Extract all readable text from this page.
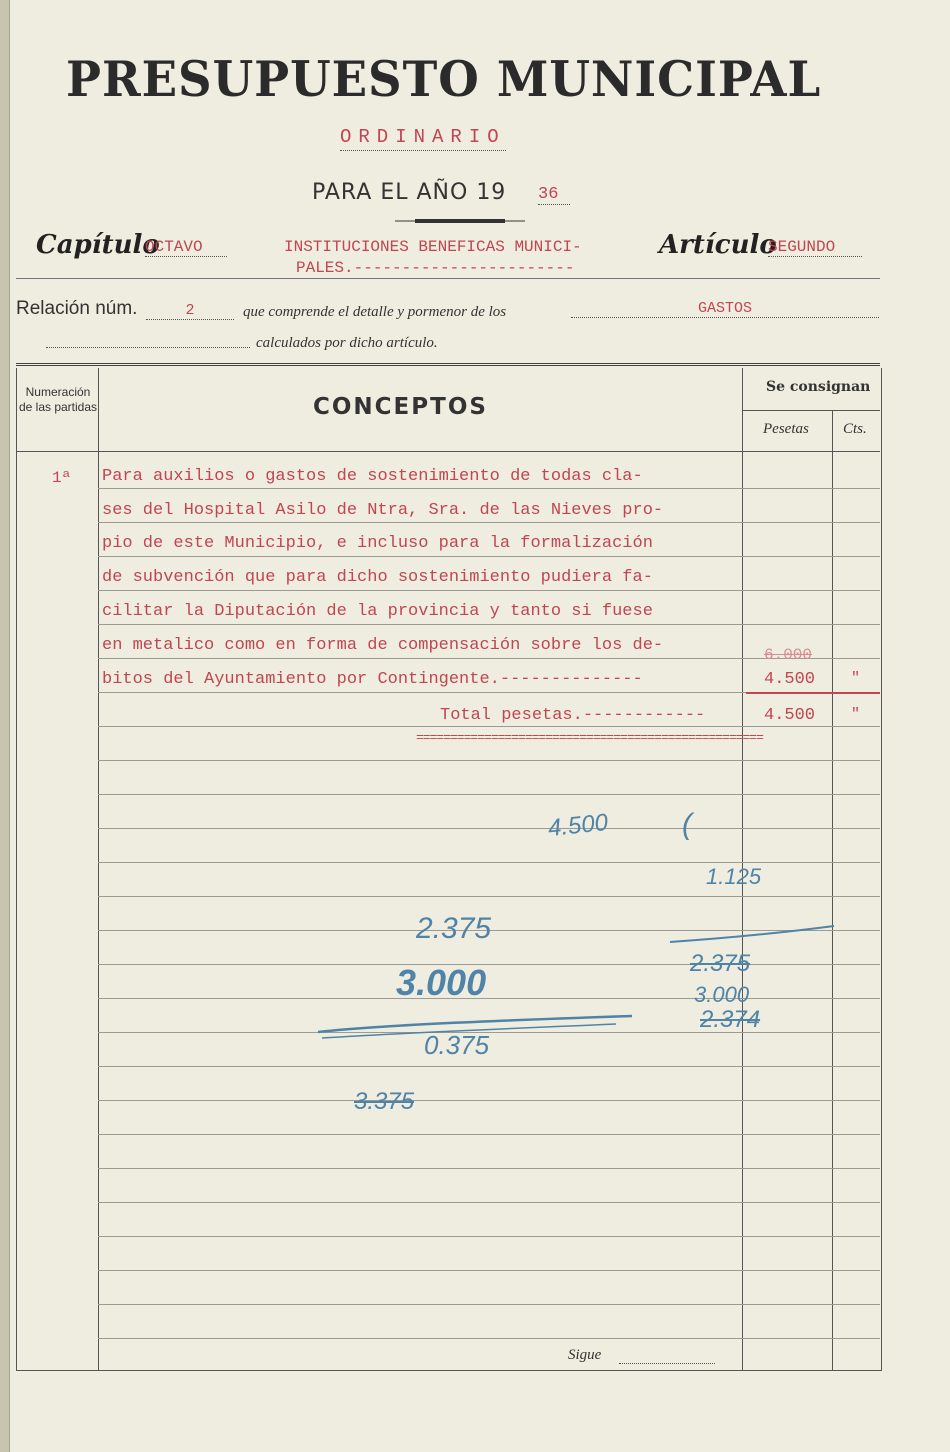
PRESUPUESTO MUNICIPAL
ORDINARIO
PARA EL AÑO 19 36
Capítulo
OCTAVO	INSTITUCIONES BENEFICAS MUNICI-
PALES.-----------------------
Artículo
SEGUNDO
Relación núm.	2	que comprende el detalle y pormenor de los	GASTOS
calculados por dicho artículo.
Numeración de las partidas	CONCEPTOS
Se consignan
Pesetas Cts.
1ª Para auxilios o gastos de sostenimiento de todas cla-
ses del Hospital Asilo de Ntra, Sra. de las Nieves pro-
pio de este Municipio, e incluso para la formalización
de subvención que para dicho sostenimiento pudiera fa-
cilitar la Diputación de la provincia y tanto si fuese
en metalico como en forma de compensación sobre los de-
bitos del Ayuntamiento por Contingente.--------------
6.000
4.500 "
Total pesetas.------------	4.500 "
===================================================
4.500 (
1.125
2.375
3.000
0.375
3.375
2.375
3.000
2.374
Sigue
